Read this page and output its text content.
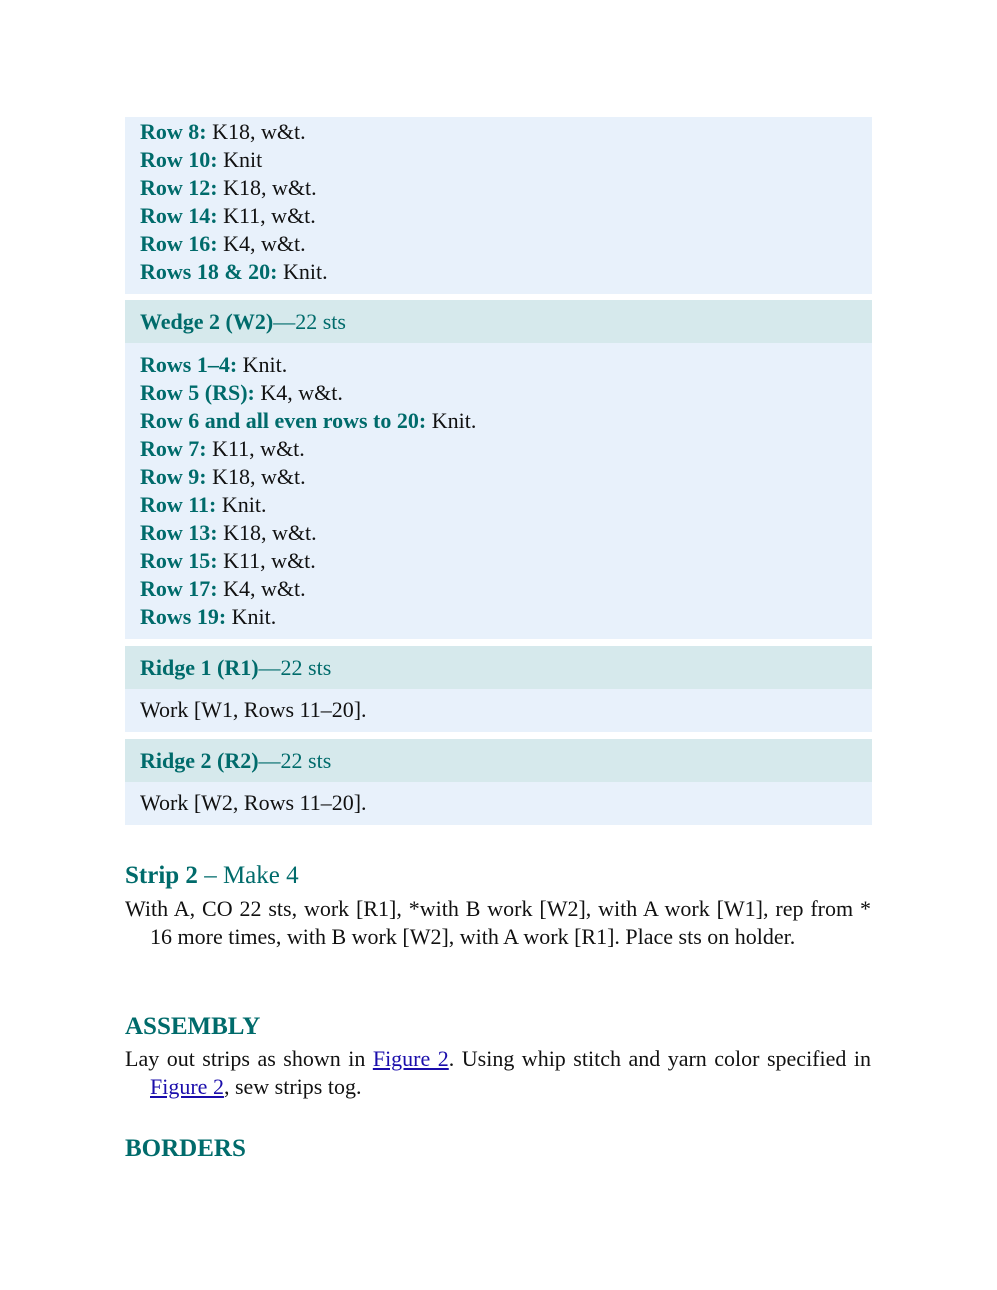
Row 8: K18, w&t.
Row 10: Knit
Row 12: K18, w&t.
Row 14: K11, w&t.
Row 16: K4, w&t.
Rows 18 & 20: Knit.
Wedge 2 (W2)—22 sts
Rows 1–4: Knit.
Row 5 (RS): K4, w&t.
Row 6 and all even rows to 20: Knit.
Row 7: K11, w&t.
Row 9: K18, w&t.
Row 11: Knit.
Row 13: K18, w&t.
Row 15: K11, w&t.
Row 17: K4, w&t.
Rows 19: Knit.
Ridge 1 (R1)—22 sts
Work [W1, Rows 11–20].
Ridge 2 (R2)—22 sts
Work [W2, Rows 11–20].
Strip 2 – Make 4
With A, CO 22 sts, work [R1], *with B work [W2], with A work [W1], rep from * 16 more times, with B work [W2], with A work [R1]. Place sts on holder.
ASSEMBLY
Lay out strips as shown in Figure 2. Using whip stitch and yarn color specified in Figure 2, sew strips tog.
BORDERS
